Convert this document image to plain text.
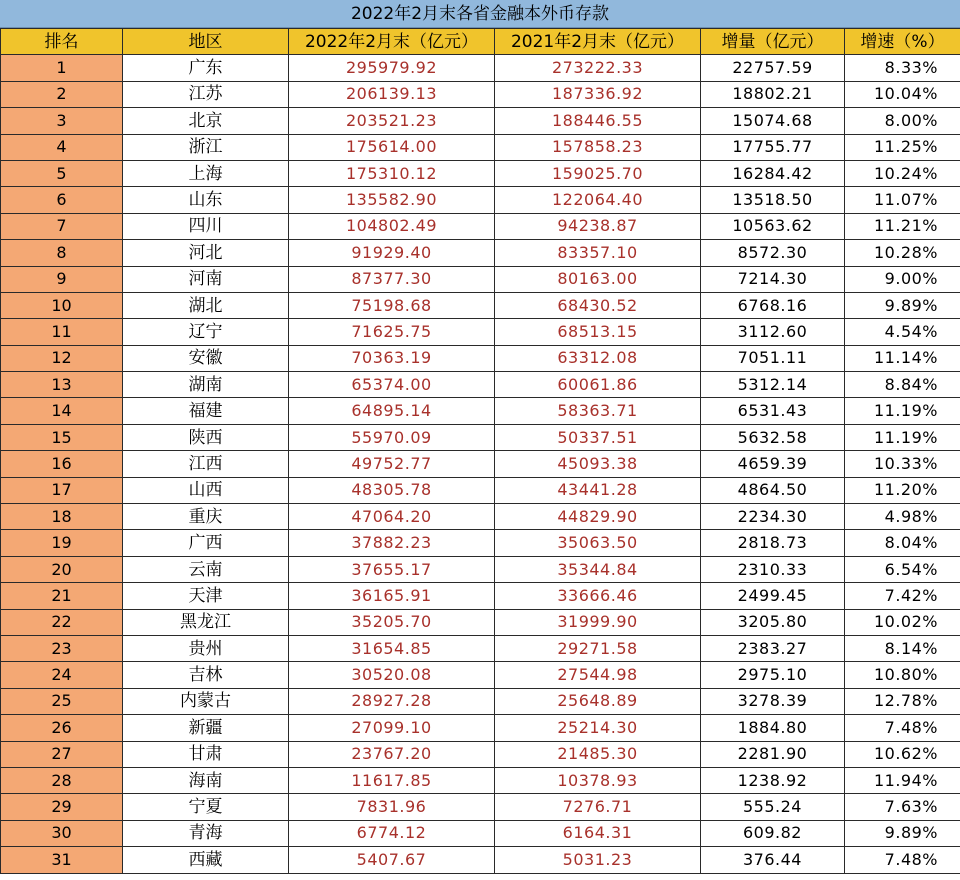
2022年2月末各省金融本外币存款
排名	地区	2022年2月末（亿元）	2021年2月末（亿元）	增量（亿元）	增速（%）
1	广东	295979.92	273222.33	22757.59	8.33%
2	江苏	206139.13	187336.92	18802.21	10.04%
3	北京	203521.23	188446.55	15074.68	8.00%
4	浙江	175614.00	157858.23	17755.77	11.25%
5	上海	175310.12	159025.70	16284.42	10.24%
6	山东	135582.90	122064.40	13518.50	11.07%
7	四川	104802.49	94238.87	10563.62	11.21%
8	河北	91929.40	83357.10	8572.30	10.28%
9	河南	87377.30	80163.00	7214.30	9.00%
10	湖北	75198.68	68430.52	6768.16	9.89%
11	辽宁	71625.75	68513.15	3112.60	4.54%
12	安徽	70363.19	63312.08	7051.11	11.14%
13	湖南	65374.00	60061.86	5312.14	8.84%
14	福建	64895.14	58363.71	6531.43	11.19%
15	陕西	55970.09	50337.51	5632.58	11.19%
16	江西	49752.77	45093.38	4659.39	10.33%
17	山西	48305.78	43441.28	4864.50	11.20%
18	重庆	47064.20	44829.90	2234.30	4.98%
19	广西	37882.23	35063.50	2818.73	8.04%
20	云南	37655.17	35344.84	2310.33	6.54%
21	天津	36165.91	33666.46	2499.45	7.42%
22	黑龙江	35205.70	31999.90	3205.80	10.02%
23	贵州	31654.85	29271.58	2383.27	8.14%
24	吉林	30520.08	27544.98	2975.10	10.80%
25	内蒙古	28927.28	25648.89	3278.39	12.78%
26	新疆	27099.10	25214.30	1884.80	7.48%
27	甘肃	23767.20	21485.30	2281.90	10.62%
28	海南	11617.85	10378.93	1238.92	11.94%
29	宁夏	7831.96	7276.71	555.24	7.63%
30	青海	6774.12	6164.31	609.82	9.89%
31	西藏	5407.67	5031.23	376.44	7.48%
